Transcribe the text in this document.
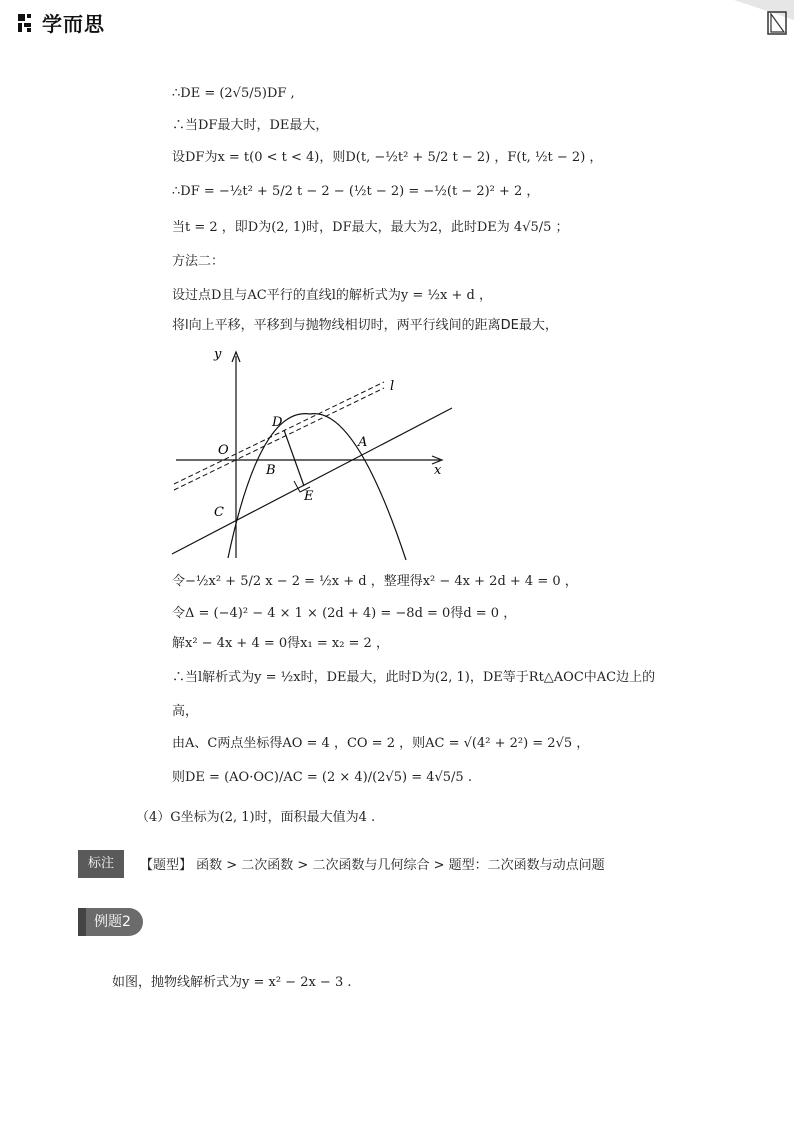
学而思
∴DE = (2√5/5)DF ,
∴当DF最大时，DE最大，
设DF为x = t(0 < t < 4)，则D(t, −½t² + 5/2 t − 2) ，F(t, ½t − 2) ，
∴DF = −½t² + 5/2 t − 2 − (½t − 2) = −½(t − 2)² + 2 ，
当t = 2 ，即D为(2, 1)时，DF最大，最大为2，此时DE为 4√5/5 ；
方法二：
设过点D且与AC平行的直线l的解析式为y = ½x + d ，
将l向上平移，平移到与抛物线相切时，两平行线间的距离DE最大，
y
x
l
O
D
A
B
E
C
令−½x² + 5/2 x − 2 = ½x + d ，整理得x² − 4x + 2d + 4 = 0 ，
令Δ = (−4)² − 4 × 1 × (2d + 4) = −8d = 0得d = 0 ，
解x² − 4x + 4 = 0得x₁ = x₂ = 2 ，
∴当l解析式为y = ½x时，DE最大，此时D为(2, 1)，DE等于Rt△AOC中AC边上的
高，
由A、C两点坐标得AO = 4 ，CO = 2 ，则AC = √(4² + 2²) = 2√5 ，
则DE = (AO·OC)/AC = (2 × 4)/(2√5) = 4√5/5 .
（4）G坐标为(2, 1)时，面积最大值为4 .
标注	【题型】 函数 > 二次函数 > 二次函数与几何综合 > 题型：二次函数与动点问题
例题2
如图，抛物线解析式为y = x² − 2x − 3 .
